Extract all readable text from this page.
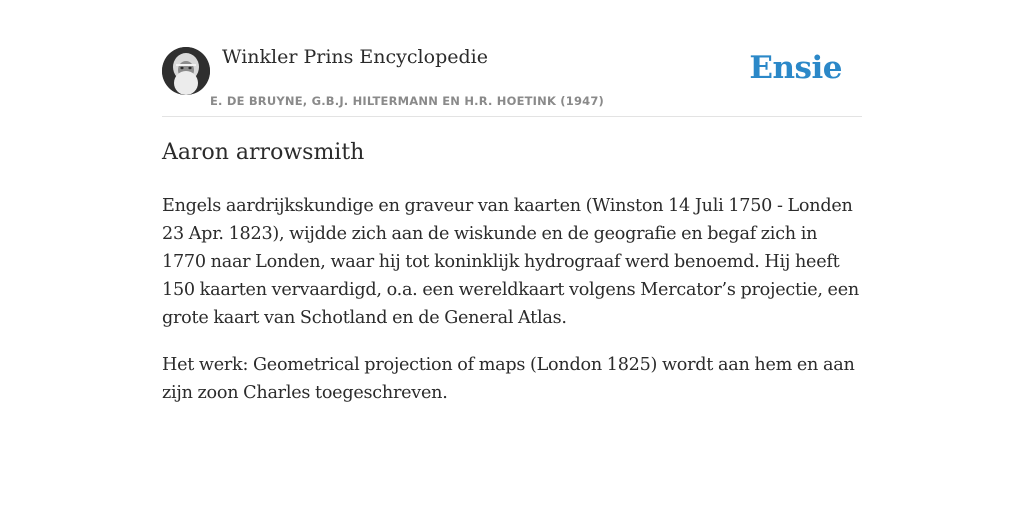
Winkler Prins Encyclopedie
E. DE BRUYNE, G.B.J. HILTERMANN EN H.R. HOETINK (1947)
Ensie
Aaron arrowsmith

Engels aardrijkskundige en graveur van kaarten (Winston 14 Juli 1750 - Londen 23 Apr. 1823), wijdde zich aan de wiskunde en de geografie en begaf zich in 1770 naar Londen, waar hij tot koninklijk hydrograaf werd benoemd. Hij heeft 150 kaarten vervaardigd, o.a. een wereldkaart volgens Mercator’s projectie, een grote kaart van Schotland en de General Atlas.

Het werk: Geometrical projection of maps (London 1825) wordt aan hem en aan zijn zoon Charles toegeschreven.
